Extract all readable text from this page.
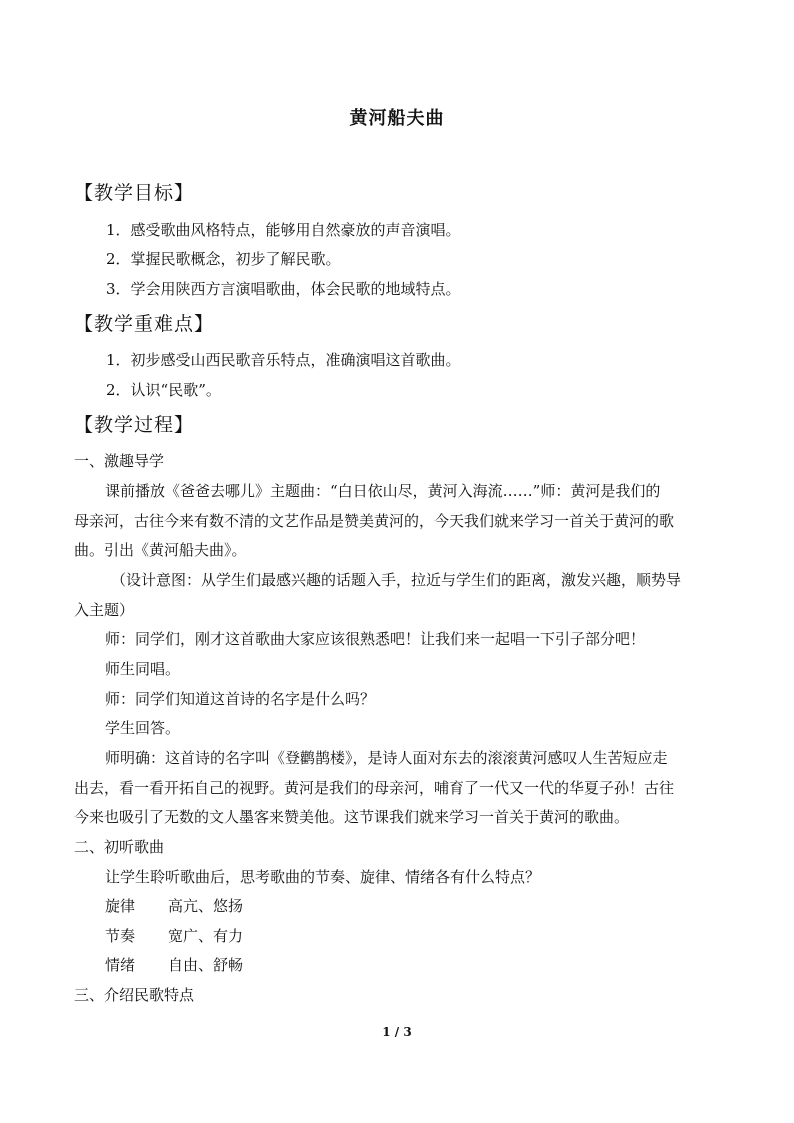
黄河船夫曲
【教学目标】
1．感受歌曲风格特点，能够用自然豪放的声音演唱。
2．掌握民歌概念，初步了解民歌。
3．学会用陕西方言演唱歌曲，体会民歌的地域特点。
【教学重难点】
1．初步感受山西民歌音乐特点，准确演唱这首歌曲。
2．认识“民歌”。
【教学过程】
一、激趣导学
课前播放《爸爸去哪儿》主题曲：“白日依山尽，黄河入海流……”师：黄河是我们的
母亲河，古往今来有数不清的文艺作品是赞美黄河的，今天我们就来学习一首关于黄河的歌
曲。引出《黄河船夫曲》。
（设计意图：从学生们最感兴趣的话题入手，拉近与学生们的距离，激发兴趣，顺势导
入主题）
师：同学们，刚才这首歌曲大家应该很熟悉吧！让我们来一起唱一下引子部分吧！
师生同唱。
师：同学们知道这首诗的名字是什么吗？
学生回答。
师明确：这首诗的名字叫《登鹳鹊楼》，是诗人面对东去的滚滚黄河感叹人生苦短应走
出去，看一看开拓自己的视野。黄河是我们的母亲河，哺育了一代又一代的华夏子孙！古往
今来也吸引了无数的文人墨客来赞美他。这节课我们就来学习一首关于黄河的歌曲。
二、初听歌曲
让学生聆听歌曲后，思考歌曲的节奏、旋律、情绪各有什么特点？
旋律 高亢、悠扬
节奏 宽广、有力
情绪 自由、舒畅
三、介绍民歌特点
1 / 3
